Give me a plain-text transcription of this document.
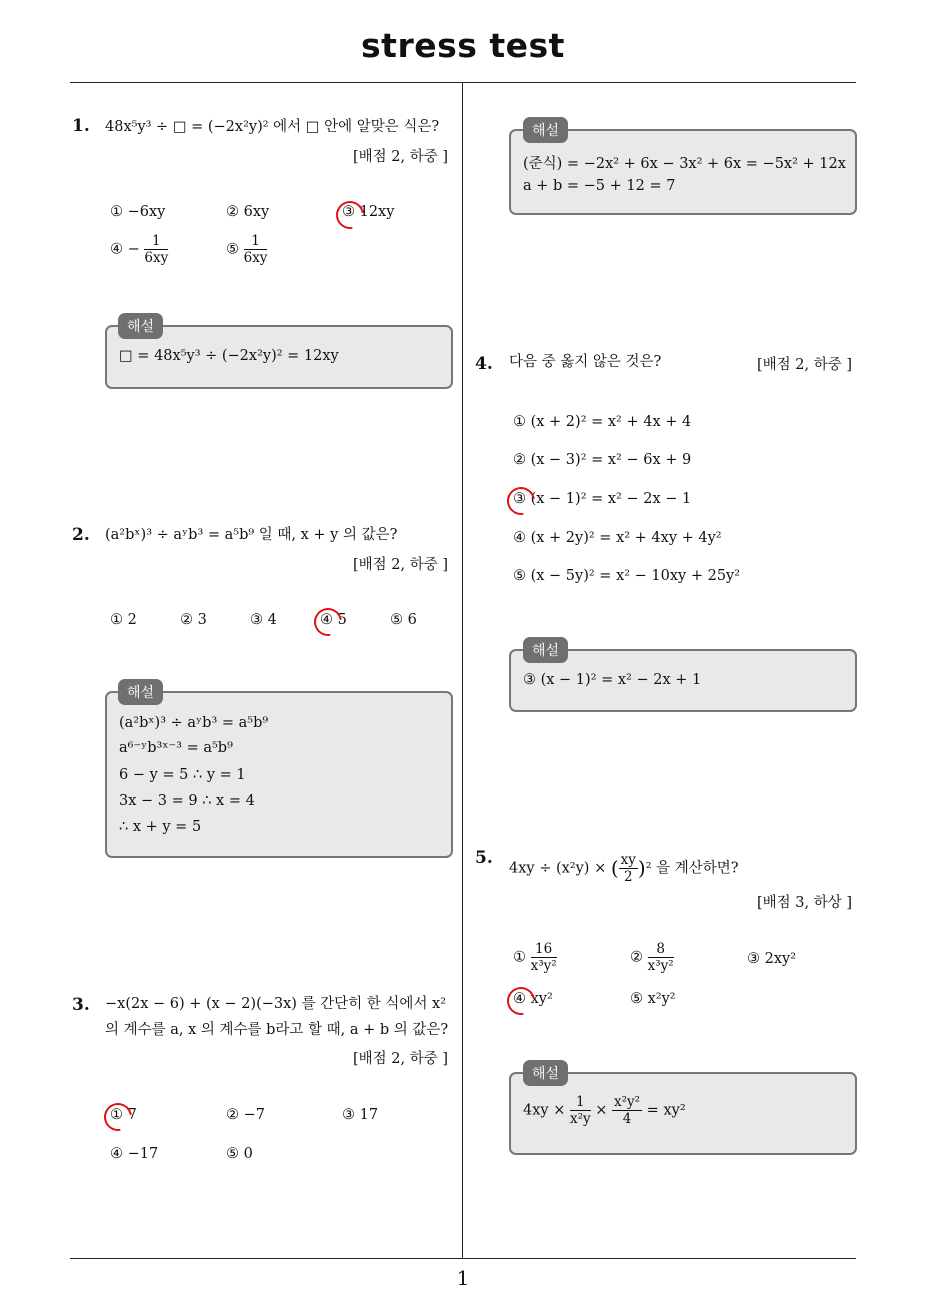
stress test
1
1. 48x⁵y³ ÷ □ = (−2x²y)² 에서 □ 안에 알맞은 식은?
[배점 2, 하중 ]
① −6xy	② 6xy	③ 12xy
④ − $\frac{1}{6xy}$	⑤ $\frac{1}{6xy}$
□ = 48x⁵y³ ÷ (−2x²y)² = 12xy
해설
2. (a²bˣ)³ ÷ aʸb³ = a⁵b⁹ 일 때, x + y 의 값은?
[배점 2, 하중 ]
① 2	② 3	③ 4	④ 5	⑤ 6
(a²bˣ)³ ÷ aʸb³ = a⁵b⁹
a⁶⁻ʸb³ˣ⁻³ = a⁵b⁹
6 − y = 5 ∴ y = 1
3x − 3 = 9 ∴ x = 4
∴ x + y = 5
해설
3. −x(2x − 6) + (x − 2)(−3x) 를 간단히 한 식에서 x²
의 계수를 a, x 의 계수를 b라고 할 때, a + b 의 값은?
[배점 2, 하중 ]
① 7	② −7	③ 17
④ −17	⑤ 0
(준식) = −2x² + 6x − 3x² + 6x = −5x² + 12x
a + b = −5 + 12 = 7
해설
4. 다음 중 옳지 않은 것은?	[배점 2, 하중 ]
① (x + 2)² = x² + 4x + 4
② (x − 3)² = x² − 6x + 9
③ (x − 1)² = x² − 2x − 1
④ (x + 2y)² = x² + 4xy + 4y²
⑤ (x − 5y)² = x² − 10xy + 25y²
③ (x − 1)² = x² − 2x + 1
해설
5.
4xy ÷ (x²y) × ( $\frac{xy}{2} )^2$ 을 계산하면?
[배점 3, 하상 ]
① $\frac{16}{\text{x³y²}}$	② $\frac{8}{\text{x³y²}}$	③ 2xy²
④ xy²	⑤ x²y²
$4xy \times \frac{1}{\text{x²y}} \times \frac{\text{x²y²}}{4} = xy^2$
해설
